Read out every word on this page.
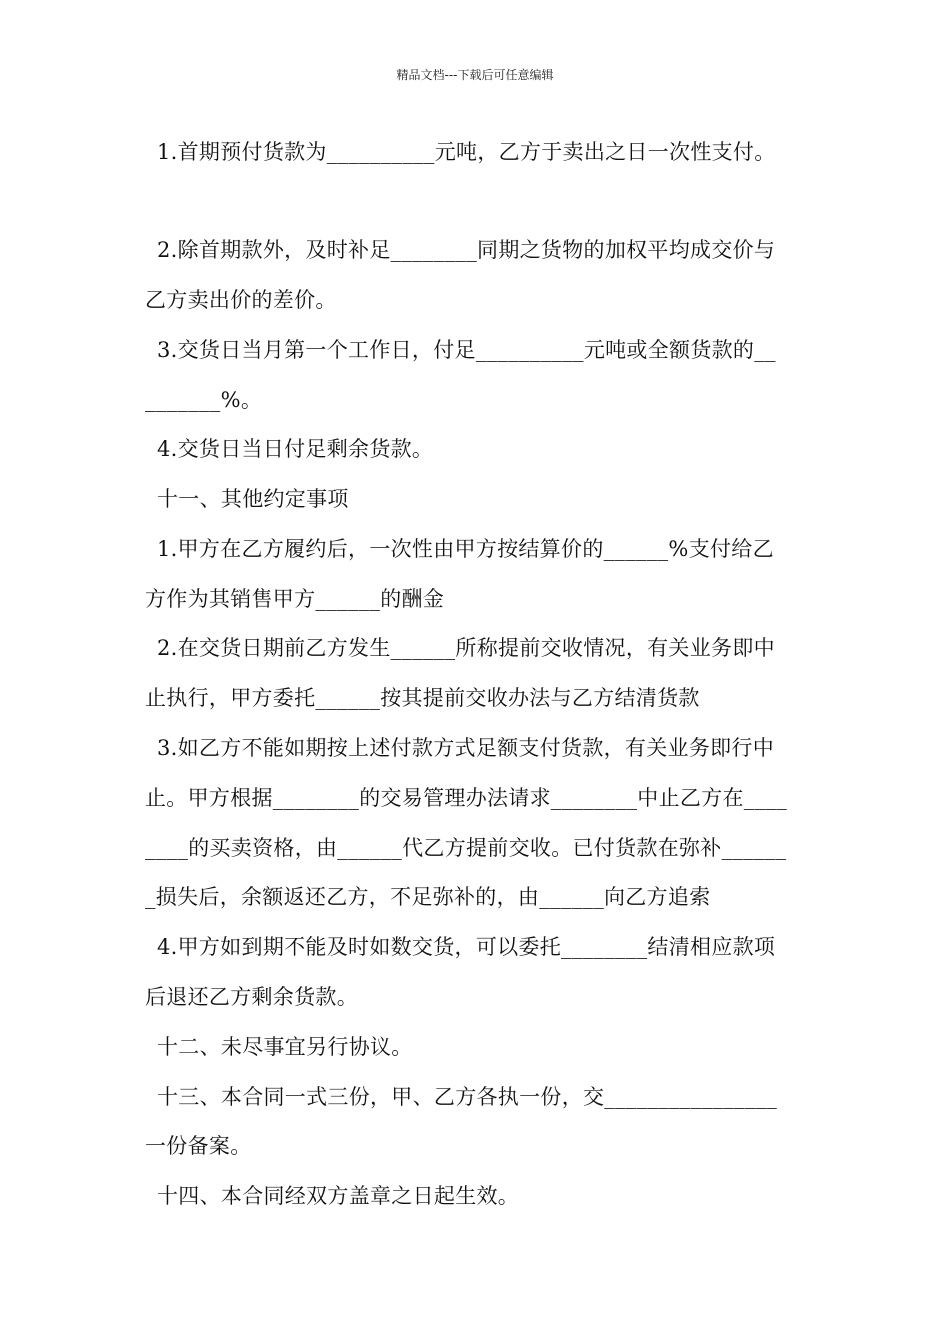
精品文档---下载后可任意编辑
1.首期预付货款为__________元吨，乙方于卖出之日一次性支付。
2.除首期款外，及时补足________同期之货物的加权平均成交价与
乙方卖出价的差价。
3.交货日当月第一个工作日，付足__________元吨或全额货款的__
_______%。
4.交货日当日付足剩余货款。
十一、其他约定事项
1.甲方在乙方履约后，一次性由甲方按结算价的______%支付给乙
方作为其销售甲方______的酬金
2.在交货日期前乙方发生______所称提前交收情况，有关业务即中
止执行，甲方委托______按其提前交收办法与乙方结清货款
3.如乙方不能如期按上述付款方式足额支付货款，有关业务即行中
止。甲方根据________的交易管理办法请求________中止乙方在____
____的买卖资格，由______代乙方提前交收。已付货款在弥补______
_损失后，余额返还乙方，不足弥补的，由______向乙方追索
4.甲方如到期不能及时如数交货，可以委托________结清相应款项
后退还乙方剩余货款。
十二、未尽事宜另行协议。
十三、本合同一式三份，甲、乙方各执一份，交________________
一份备案。
十四、本合同经双方盖章之日起生效。
